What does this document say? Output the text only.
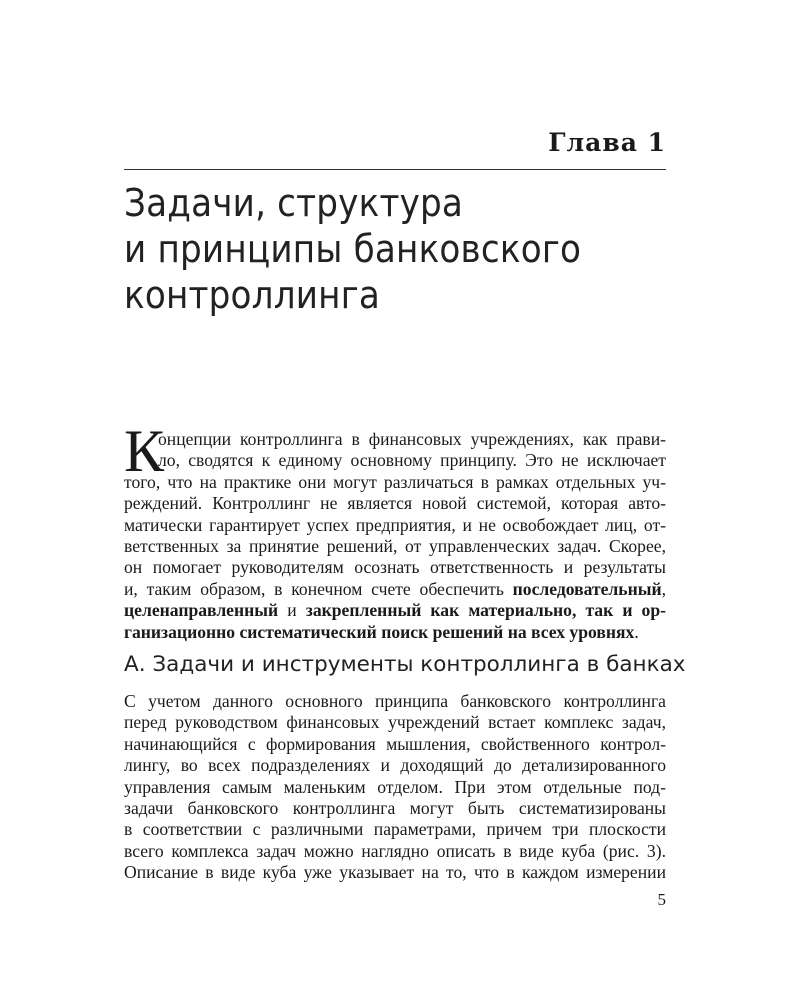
Глава 1
Задачи, структура
и принципы банковского
контроллинга
К
онцепции контроллинга в финансовых учреждениях, как прави-
ло, сводятся к единому основному принципу. Это не исключает
того, что на практике они могут различаться в рамках отдельных уч-
реждений. Контроллинг не является новой системой, которая авто-
матически гарантирует успех предприятия, и не освобождает лиц, от-
ветственных за принятие решений, от управленческих задач. Скорее,
он помогает руководителям осознать ответственность и результаты
и, таким образом, в конечном счете обеспечить последовательный,
целенаправленный и закрепленный как материально, так и ор-
ганизационно систематический поиск решений на всех уровнях.
А. Задачи и инструменты контроллинга в банках
С учетом данного основного принципа банковского контроллинга
перед руководством финансовых учреждений встает комплекс задач,
начинающийся с формирования мышления, свойственного контрол-
лингу, во всех подразделениях и доходящий до детализированного
управления самым маленьким отделом. При этом отдельные под-
задачи банковского контроллинга могут быть систематизированы
в соответствии с различными параметрами, причем три плоскости
всего комплекса задач можно наглядно описать в виде куба (рис. 3).
Описание в виде куба уже указывает на то, что в каждом измерении
5
